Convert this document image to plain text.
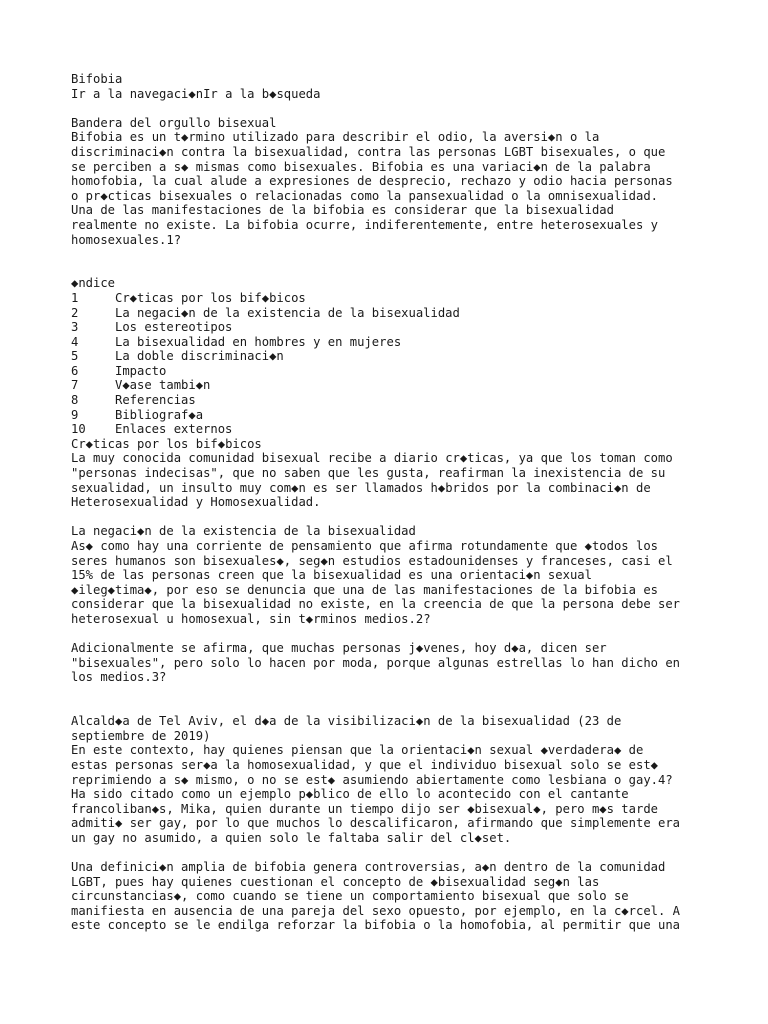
Bifobia
Ir a la navegaci◆nIr a la b◆squeda
Bandera del orgullo bisexual
Bifobia es un t◆rmino utilizado para describir el odio, la aversi◆n o la
discriminaci◆n contra la bisexualidad, contra las personas LGBT bisexuales, o que
se perciben a s◆ mismas como bisexuales. Bifobia es una variaci◆n de la palabra
homofobia, la cual alude a expresiones de desprecio, rechazo y odio hacia personas
o pr◆cticas bisexuales o relacionadas como la pansexualidad o la omnisexualidad.
Una de las manifestaciones de la bifobia es considerar que la bisexualidad
realmente no existe. La bifobia ocurre, indiferentemente, entre heterosexuales y
homosexuales.1?
◆ndice
1	Cr◆ticas por los bif◆bicos
2	La negaci◆n de la existencia de la bisexualidad
3	Los estereotipos
4	La bisexualidad en hombres y en mujeres
5	La doble discriminaci◆n
6	Impacto
7	V◆ase tambi◆n
8	Referencias
9	Bibliograf◆a
10	Enlaces externos
Cr◆ticas por los bif◆bicos
La muy conocida comunidad bisexual recibe a diario cr◆ticas, ya que los toman como
"personas indecisas", que no saben que les gusta, reafirman la inexistencia de su
sexualidad, un insulto muy com◆n es ser llamados h◆bridos por la combinaci◆n de
Heterosexualidad y Homosexualidad.
La negaci◆n de la existencia de la bisexualidad
As◆ como hay una corriente de pensamiento que afirma rotundamente que ◆todos los
seres humanos son bisexuales◆, seg◆n estudios estadounidenses y franceses, casi el
15% de las personas creen que la bisexualidad es una orientaci◆n sexual
◆ileg◆tima◆, por eso se denuncia que una de las manifestaciones de la bifobia es
considerar que la bisexualidad no existe, en la creencia de que la persona debe ser
heterosexual u homosexual, sin t◆rminos medios.2?
Adicionalmente se afirma, que muchas personas j◆venes, hoy d◆a, dicen ser
"bisexuales", pero solo lo hacen por moda, porque algunas estrellas lo han dicho en
los medios.3?
Alcald◆a de Tel Aviv, el d◆a de la visibilizaci◆n de la bisexualidad (23 de
septiembre de 2019)
En este contexto, hay quienes piensan que la orientaci◆n sexual ◆verdadera◆ de
estas personas ser◆a la homosexualidad, y que el individuo bisexual solo se est◆
reprimiendo a s◆ mismo, o no se est◆ asumiendo abiertamente como lesbiana o gay.4?
Ha sido citado como un ejemplo p◆blico de ello lo acontecido con el cantante
francoliban◆s, Mika, quien durante un tiempo dijo ser ◆bisexual◆, pero m◆s tarde
admiti◆ ser gay, por lo que muchos lo descalificaron, afirmando que simplemente era
un gay no asumido, a quien solo le faltaba salir del cl◆set.
Una definici◆n amplia de bifobia genera controversias, a◆n dentro de la comunidad
LGBT, pues hay quienes cuestionan el concepto de ◆bisexualidad seg◆n las
circunstancias◆, como cuando se tiene un comportamiento bisexual que solo se
manifiesta en ausencia de una pareja del sexo opuesto, por ejemplo, en la c◆rcel. A
este concepto se le endilga reforzar la bifobia o la homofobia, al permitir que una
